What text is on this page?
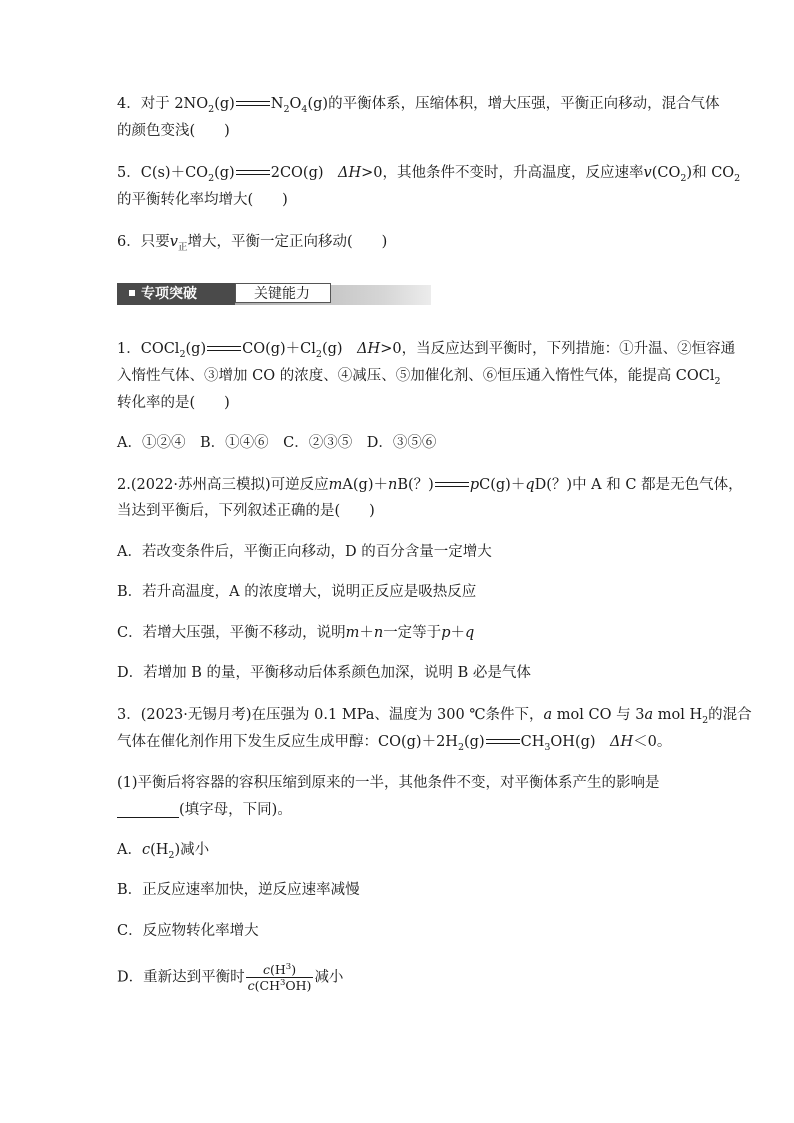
4．对于 $2NO_2(g)$ $N_2O_4(g)$的平衡体系，压缩体积，增大压强，平衡正向移动，混合气体
的颜色变浅(　　)
5．$C(s)+CO_2(g)$ 2CO(g)　ΔH>0，其他条件不变时，升高温度，反应速率$v(CO_2)$和 $CO_2$
的平衡转化率均增大(　　)
6．只要$v_正$增大，平衡一定正向移动(　　)
专项突破	关键能力
1．COCl$_2$(g) $CO(g)+Cl_2(g)$　ΔH>0，当反应达到平衡时，下列措施：①升温、②恒容通
入惰性气体、③增加 CO 的浓度、④减压、⑤加催化剂、⑥恒压通入惰性气体，能提高 COCl$_2$
转化率的是(　　)
A．①②④　B．①④⑥　C．②③⑤　D．③⑤⑥
2.(2022·苏州高三模拟)可逆反应mA(g)＋nB(？) pC(g)＋qD(？)中 A 和 C 都是无色气体，
当达到平衡后，下列叙述正确的是(　　)
A．若改变条件后，平衡正向移动，D 的百分含量一定增大
B．若升高温度，A 的浓度增大，说明正反应是吸热反应
C．若增大压强，平衡不移动，说明m＋n一定等于p＋q
D．若增加 B 的量，平衡移动后体系颜色加深，说明 B 必是气体
3．(2023·无锡月考)在压强为 0.1 MPa、温度为 300 ℃条件下，a mol CO 与 3a mol $H_2$的混合
气体在催化剂作用下发生反应生成甲醇：$CO(g)+2H_2(g)$ $CH_3OH(g)$　ΔH＜0。
(1)平衡后将容器的容积压缩到原来的一半，其他条件不变，对平衡体系产生的影响是
(填字母，下同)。
A．$c(H_2)$减小
B．正反应速率加快，逆反应速率减慢
C．反应物转化率增大
D．重新达到平衡时 $\frac{c(H^3)}{c(CH^3OH)}$ 减小
